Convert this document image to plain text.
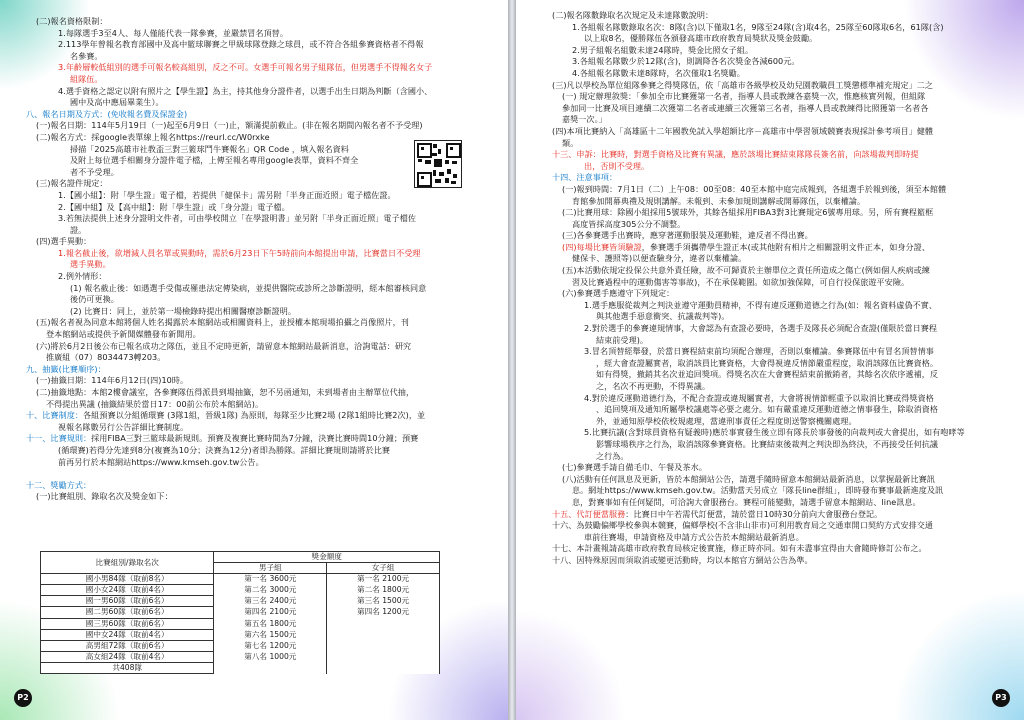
(二)報名資格限制：
1.每隊選手3至4人、每人僅能代表一隊參賽，並嚴禁冒名頂替。
2.113學年曾報名教育部國中及高中籃球聯賽之甲級球隊登錄之球員，或不符合各組參賽資格者不得報
名參賽。
3.年齡層較低組別的選手可報名較高組別，反之不可。女選手可報名男子組隊伍，但男選手不得報名女子
組隊伍。
4.選手資格之認定以附有照片之【學生證】為主，持其他身分證件者，以選手出生日期為判斷（含國小、
國中及高中應屆畢業生）。
八、報名日期及方式：(免收報名費及保證金)
(一)報名日期：114年5月19日（一)起至6月9日（一)止，額滿提前截止。(非在報名期間內報名者不予受理)
(二)報名方式：採google表單線上報名https://reurl.cc/W0rxke
掃描「2025高雄市社教盃三對三籃球鬥牛賽報名」QR Code ，填入報名資料
及附上每位選手相關身分證件電子檔，上傳至報名專用google表單，資料不齊全
者不予受理。
(三)報名證件規定：
1.【國小組】：附「學生證」電子檔，若提供「健保卡」需另附「半身正面近照」電子檔佐證。
2.【國中組】及【高中組】：附「學生證」或「身分證」電子檔。
3.若無法提供上述身分證明文件者，可由學校開立「在學證明書」並另附「半身正面近照」電子檔佐
證。
(四)選手異動：
1.報名截止後，欲增減人員名單或異動時，需於6月23日下午5時前向本館提出申請，比賽當日不受理
選手異動。
2.例外情形：
(1) 報名截止後：如遇選手受傷或罹患法定傳染病，並提供醫院或診所之診斷證明，經本館審核同意
後仍可更換。
(2) 比賽日：同上，並於第一場檢錄時提出相關醫療診斷證明。
(五)報名者視為同意本館將個人姓名揭露於本館網站或相關資料上，並授權本館現場拍攝之肖像照片，刊
登本館網站或提供予新聞媒體發布新聞用。
(六)將於6月2日後公布已報名成功之隊伍，並且不定時更新，請留意本館網站最新消息，洽詢電話：研究
推廣組（07）8034473轉203。
九、抽籤(比賽順序)：
(一)抽籤日期：114年6月12日(四)10時。
(二)抽籤地點：本館2樓會議室，各參賽隊伍得派員到場抽籤，恕不另函通知，未到場者由主辦單位代抽，
不得提出異議 (抽籤結果於當日17：00前公布於本館網站)。
十、比賽制度：各組預賽以分組循環賽 (3隊1組，晉級1隊) 為原則，每隊至少比賽2場 (2隊1組時比賽2次)，並
視報名隊數另行公告詳細比賽制度。
十一、比賽規則：採用FIBA三對三籃球最新規則。預賽及複賽比賽時間為7分鐘，決賽比賽時間10分鐘；預賽
(循環賽)若得分先達到8分(複賽為10分；決賽為12分)者即為勝隊。詳細比賽規則請將於比賽
前再另行於本館網站https://www.kmseh.gov.tw公告。

十二、獎勵方式：
(一)比賽組別、錄取名次及獎金如下：
比賽組別/錄取名次	獎金額度	
	男子組	女子組
國小男84隊（取前8名）	第一名 3600元	第一名 2100元
國小女24隊（取前4名）	第二名 3000元	第二名 1800元
國一男60隊（取前6名）	第三名 2400元	第三名 1500元
國二男60隊（取前6名）	第四名 2100元	第四名 1200元
國三男60隊（取前6名）	第五名 1800元	
國中女24隊（取前4名）	第六名 1500元	
高男組72隊（取前6名）	第七名 1200元	
高女組24隊（取前4名）	第八名 1000元	
共408隊		
P2
(二)報名隊數錄取名次規定及未達隊數說明：
1.各組報名隊數錄取名次：8隊(含)以下僅取1名，9隊至24隊(含)取4名，25隊至60隊取6名，61隊(含)
以上取8名，優勝隊伍各頒發高雄市政府教育局獎狀及獎金鼓勵。
2.男子組報名組數未達24隊時，獎金比照女子組。
3.各組報名隊數少於12隊(含)，則調降各名次獎金各減600元。
4.各組報名隊數未達8隊時，名次僅取1名獎勵。
(三)凡以學校為單位組隊參賽之得獎隊伍，依「高雄市各級學校及幼兒園教職員工獎懲標準補充規定」二之
(一) 規定辦理敘獎：「參加全市比賽獲第一名者，指導人員或教練各嘉獎一次，惟應核實列報，但組隊
參加同一比賽及項目連續二次獲第二名者或連續三次獲第三名者，指導人員或教練得比照獲第一名者各
嘉獎一次。」
(四)本項比賽納入「高雄區十二年國教免試入學超額比序－高雄市中學習領域競賽表現採計參考項目」健體
類。
十三、申訴：比賽時，對選手資格及比賽有異議，應於該場比賽結束隊隊長簽名前，向該場裁判即時提
出，否則不受理。
十四、注意事項：
(一)報到時間：7月1日（二）上午08：00至08：40至本館中庭完成報到，各組選手於報到後，須至本館體
育館參加開幕典禮及規則講解。未報到、未參加規則講解或開幕隊伍，以棄權論。
(二)比賽用球：除國小組採用5號球外，其餘各組採用FIBA3對3比賽規定6號專用球。另，所有賽程籃框
高度皆採高度305公分不調整。
(三)各參賽選手出賽時，應穿著運動服裝及運動鞋，違反者不得出賽。
(四)每場比賽皆須驗證，參賽選手須攜帶學生證正本(或其他附有相片之相關證明文件正本，如身分證、
健保卡、護照等)以便查驗身分，違者以棄權論。
(五)本活動依規定投保公共意外責任險，故不可歸責於主辦單位之責任所造成之傷亡(例如個人疾病或練
習及比賽過程中的運動傷害等事故)，不在承保範圍。如欲加強保障，可自行投保旅遊平安險。
(六)參賽選手應遵守下列規定：
1.選手應服從裁判之判決並遵守運動員精神，不得有違反運動道德之行為(如：報名資料虛偽不實、
與其他選手惡意衝突、抗議裁判等)。
2.對於選手的參賽違規情事，大會認為有查證必要時，各選手及隊長必須配合查證(僅限於當日賽程
結束前受理)。
3.冒名頂替經舉發，於當日賽程結束前均須配合辦理，否則以棄權論。參賽隊伍中有冒名頂替情事
，經大會查證屬實者，取消該員比賽資格，大會得視違反情節嚴重程度，取消該隊伍比賽資格。
如有得獎，撤銷其名次並追回獎項。得獎名次在大會賽程結束前撤銷者，其餘名次依序遞補，反
之，名次不再更動，不得異議。
4.對於違反運動道德行為，不配合查證或違規屬實者，大會將視情節輕重予以取消比賽或得獎資格
、追回獎項及通知所屬學校議處等必要之處分。如有嚴重違反運動道德之情事發生，除取消資格
外，並通知原學校依校規處理，當違刑事責任之程度則送警察機關處理。
5.比賽抗議(含對球員資格有疑義時)應於事實發生後立即有隊長於事發後的向裁判或大會提出，如有咆哮等
影響球場秩序之行為，取消該隊參賽資格。比賽結束後裁判之判決即為終決，不再接受任何抗議
之行為。
(七)參賽選手請自備毛巾、午餐及茶水。
(八)活動有任何訊息及更新，皆於本館網站公告，請選手隨時留意本館網站最新消息，以掌握最新比賽訊
息。網址https://www.kmseh.gov.tw。活動當天另成立「隊長line群組」，即時發布賽事最新進度及訊
息，對賽事如有任何疑問，可洽詢大會服務台。賽程可能變動，請選手留意本館網站、line訊息。
十五、代訂便當服務：比賽日中午若需代訂便當，請於當日10時30分前向大會服務台登記。
十六、為鼓勵偏鄉學校參與本競賽，偏鄉學校(不含非山非市)可利用教育局之交通車開口契約方式安排交通
車前往賽場，申請資格及申請方式公告於本館網站最新消息。
十七、本計畫報請高雄市政府教育局核定後實施，修正時亦同。如有未盡事宜得由大會隨時修訂公布之。
十八、因特殊原因而須取消或變更活動時，均以本館官方網站公告為準。
P3
